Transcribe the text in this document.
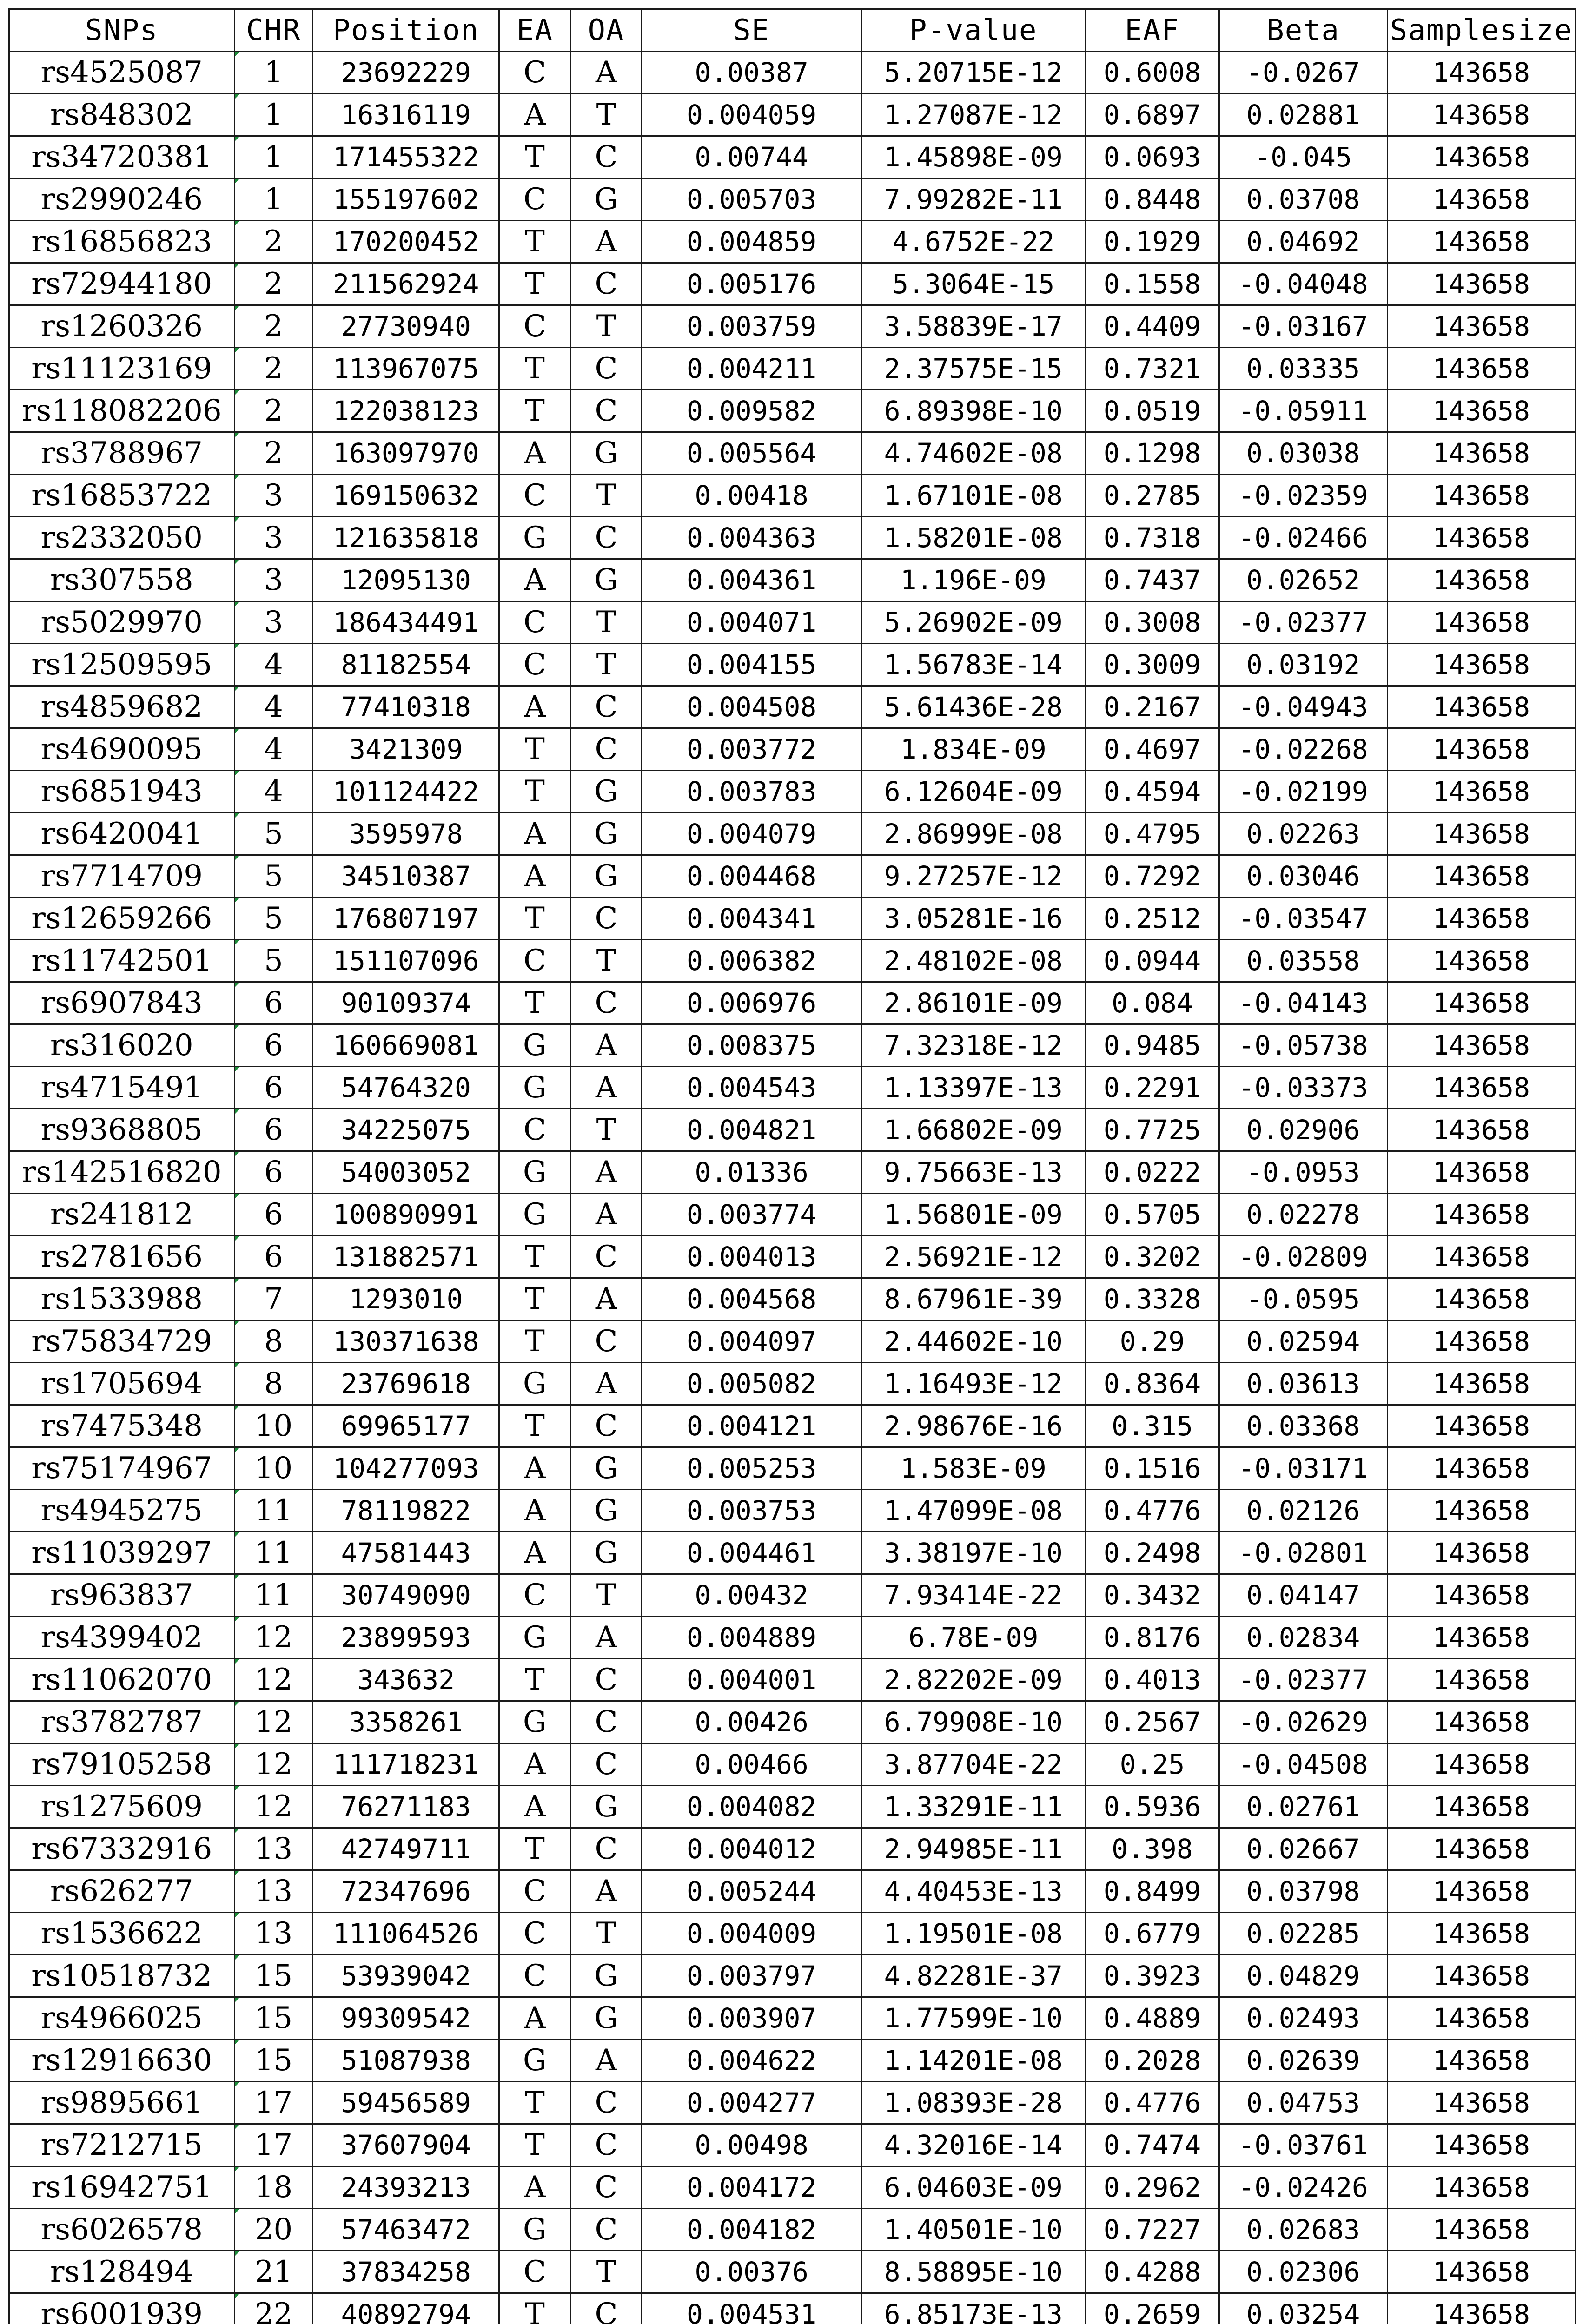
SNPs	CHR	Position	EA	OA	SE	P-value	EAF	Beta	Samplesize
rs4525087	1	23692229	C	A	0.00387	5.20715E-12	0.6008	-0.0267	143658
rs848302	1	16316119	A	T	0.004059	1.27087E-12	0.6897	0.02881	143658
rs34720381	1	171455322	T	C	0.00744	1.45898E-09	0.0693	-0.045	143658
rs2990246	1	155197602	C	G	0.005703	7.99282E-11	0.8448	0.03708	143658
rs16856823	2	170200452	T	A	0.004859	4.6752E-22	0.1929	0.04692	143658
rs72944180	2	211562924	T	C	0.005176	5.3064E-15	0.1558	-0.04048	143658
rs1260326	2	27730940	C	T	0.003759	3.58839E-17	0.4409	-0.03167	143658
rs11123169	2	113967075	T	C	0.004211	2.37575E-15	0.7321	0.03335	143658
rs118082206	2	122038123	T	C	0.009582	6.89398E-10	0.0519	-0.05911	143658
rs3788967	2	163097970	A	G	0.005564	4.74602E-08	0.1298	0.03038	143658
rs16853722	3	169150632	C	T	0.00418	1.67101E-08	0.2785	-0.02359	143658
rs2332050	3	121635818	G	C	0.004363	1.58201E-08	0.7318	-0.02466	143658
rs307558	3	12095130	A	G	0.004361	1.196E-09	0.7437	0.02652	143658
rs5029970	3	186434491	C	T	0.004071	5.26902E-09	0.3008	-0.02377	143658
rs12509595	4	81182554	C	T	0.004155	1.56783E-14	0.3009	0.03192	143658
rs4859682	4	77410318	A	C	0.004508	5.61436E-28	0.2167	-0.04943	143658
rs4690095	4	3421309	T	C	0.003772	1.834E-09	0.4697	-0.02268	143658
rs6851943	4	101124422	T	G	0.003783	6.12604E-09	0.4594	-0.02199	143658
rs6420041	5	3595978	A	G	0.004079	2.86999E-08	0.4795	0.02263	143658
rs7714709	5	34510387	A	G	0.004468	9.27257E-12	0.7292	0.03046	143658
rs12659266	5	176807197	T	C	0.004341	3.05281E-16	0.2512	-0.03547	143658
rs11742501	5	151107096	C	T	0.006382	2.48102E-08	0.0944	0.03558	143658
rs6907843	6	90109374	T	C	0.006976	2.86101E-09	0.084	-0.04143	143658
rs316020	6	160669081	G	A	0.008375	7.32318E-12	0.9485	-0.05738	143658
rs4715491	6	54764320	G	A	0.004543	1.13397E-13	0.2291	-0.03373	143658
rs9368805	6	34225075	C	T	0.004821	1.66802E-09	0.7725	0.02906	143658
rs142516820	6	54003052	G	A	0.01336	9.75663E-13	0.0222	-0.0953	143658
rs241812	6	100890991	G	A	0.003774	1.56801E-09	0.5705	0.02278	143658
rs2781656	6	131882571	T	C	0.004013	2.56921E-12	0.3202	-0.02809	143658
rs1533988	7	1293010	T	A	0.004568	8.67961E-39	0.3328	-0.0595	143658
rs75834729	8	130371638	T	C	0.004097	2.44602E-10	0.29	0.02594	143658
rs1705694	8	23769618	G	A	0.005082	1.16493E-12	0.8364	0.03613	143658
rs7475348	10	69965177	T	C	0.004121	2.98676E-16	0.315	0.03368	143658
rs75174967	10	104277093	A	G	0.005253	1.583E-09	0.1516	-0.03171	143658
rs4945275	11	78119822	A	G	0.003753	1.47099E-08	0.4776	0.02126	143658
rs11039297	11	47581443	A	G	0.004461	3.38197E-10	0.2498	-0.02801	143658
rs963837	11	30749090	C	T	0.00432	7.93414E-22	0.3432	0.04147	143658
rs4399402	12	23899593	G	A	0.004889	6.78E-09	0.8176	0.02834	143658
rs11062070	12	343632	T	C	0.004001	2.82202E-09	0.4013	-0.02377	143658
rs3782787	12	3358261	G	C	0.00426	6.79908E-10	0.2567	-0.02629	143658
rs79105258	12	111718231	A	C	0.00466	3.87704E-22	0.25	-0.04508	143658
rs1275609	12	76271183	A	G	0.004082	1.33291E-11	0.5936	0.02761	143658
rs67332916	13	42749711	T	C	0.004012	2.94985E-11	0.398	0.02667	143658
rs626277	13	72347696	C	A	0.005244	4.40453E-13	0.8499	0.03798	143658
rs1536622	13	111064526	C	T	0.004009	1.19501E-08	0.6779	0.02285	143658
rs10518732	15	53939042	C	G	0.003797	4.82281E-37	0.3923	0.04829	143658
rs4966025	15	99309542	A	G	0.003907	1.77599E-10	0.4889	0.02493	143658
rs12916630	15	51087938	G	A	0.004622	1.14201E-08	0.2028	0.02639	143658
rs9895661	17	59456589	T	C	0.004277	1.08393E-28	0.4776	0.04753	143658
rs7212715	17	37607904	T	C	0.00498	4.32016E-14	0.7474	-0.03761	143658
rs16942751	18	24393213	A	C	0.004172	6.04603E-09	0.2962	-0.02426	143658
rs6026578	20	57463472	G	C	0.004182	1.40501E-10	0.7227	0.02683	143658
rs128494	21	37834258	C	T	0.00376	8.58895E-10	0.4288	0.02306	143658
rs6001939	22	40892794	T	C	0.004531	6.85173E-13	0.2659	0.03254	143658
